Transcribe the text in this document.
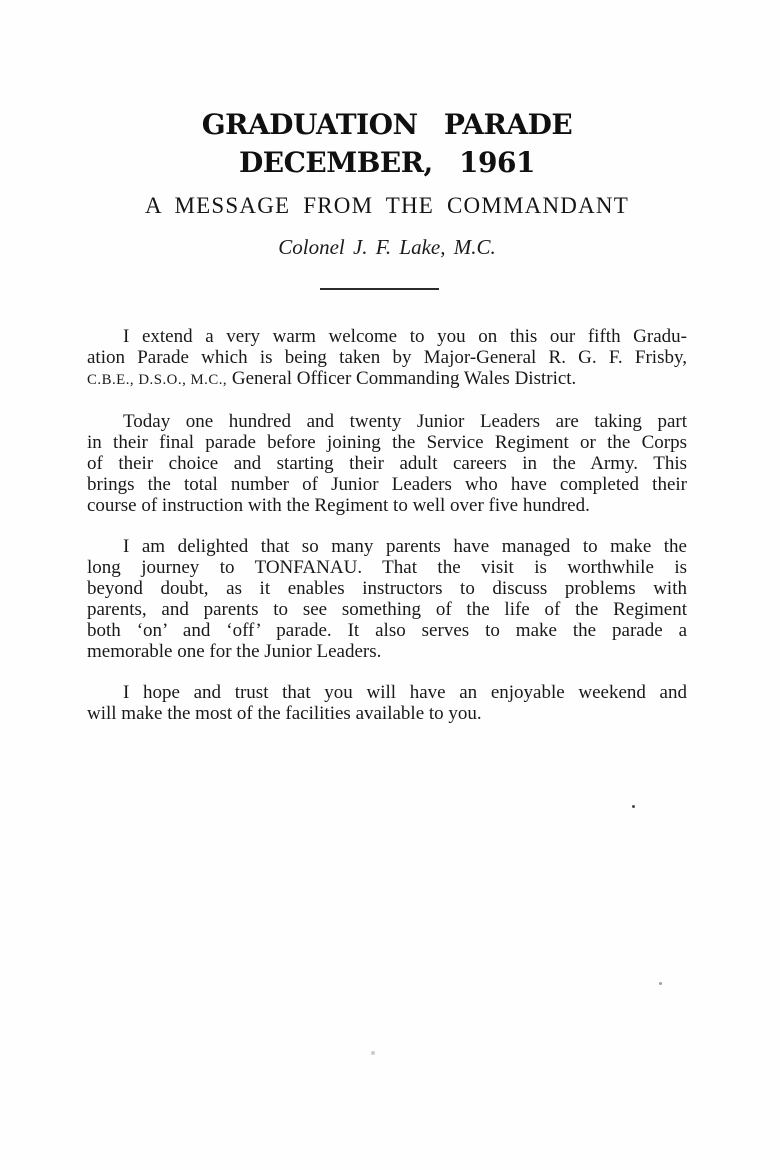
GRADUATION PARADE
DECEMBER, 1961
A MESSAGE FROM THE COMMANDANT
Colonel J. F. Lake, M.C.
I extend a very warm welcome to you on this our fifth Gradu-
ation Parade which is being taken by Major-General R. G. F. Frisby,
C.B.E., D.S.O., M.C., General Officer Commanding Wales District.
Today one hundred and twenty Junior Leaders are taking part
in their final parade before joining the Service Regiment or the Corps
of their choice and starting their adult careers in the Army. This
brings the total number of Junior Leaders who have completed their
course of instruction with the Regiment to well over five hundred.
I am delighted that so many parents have managed to make the
long journey to TONFANAU. That the visit is worthwhile is
beyond doubt, as it enables instructors to discuss problems with
parents, and parents to see something of the life of the Regiment
both ‘on’ and ‘off’ parade. It also serves to make the parade a
memorable one for the Junior Leaders.
I hope and trust that you will have an enjoyable weekend and
will make the most of the facilities available to you.
